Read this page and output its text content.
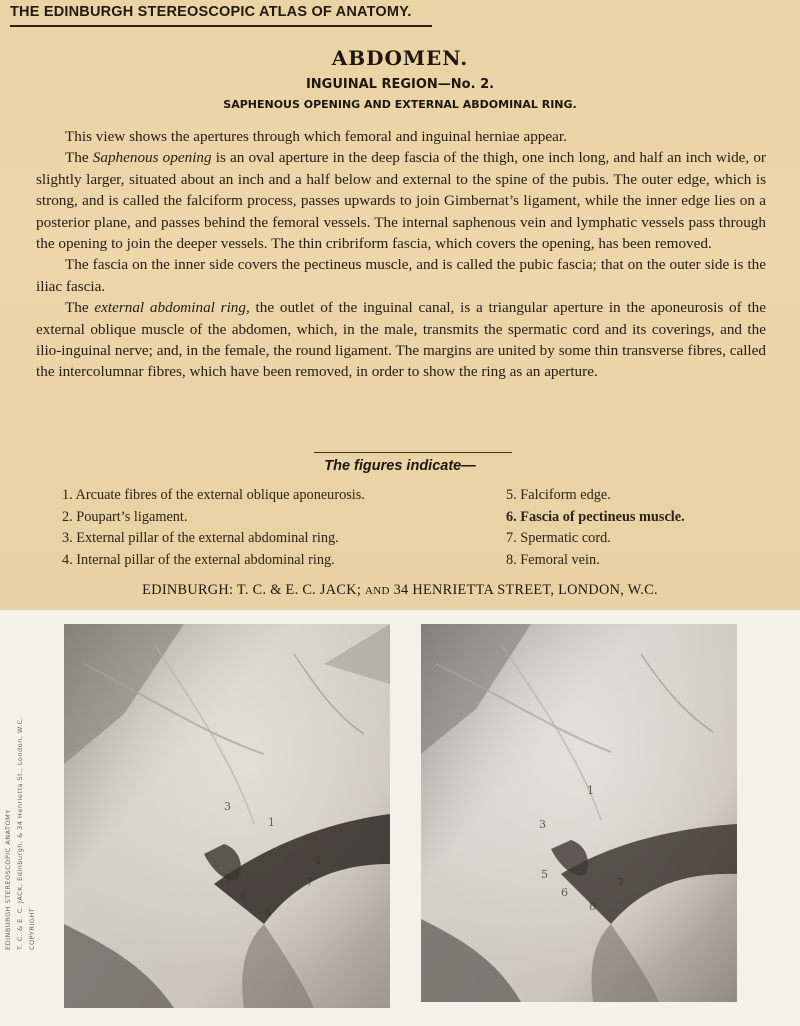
THE EDINBURGH STEREOSCOPIC ATLAS OF ANATOMY.
ABDOMEN.
INGUINAL REGION—No. 2.
SAPHENOUS OPENING AND EXTERNAL ABDOMINAL RING.

This view shows the apertures through which femoral and inguinal herniae appear.

The Saphenous opening is an oval aperture in the deep fascia of the thigh, one inch long, and half an inch wide, or slightly larger, situated about an inch and a half below and external to the spine of the pubis. The outer edge, which is strong, and is called the falciform process, passes upwards to join Gimbernat’s ligament, while the inner edge lies on a posterior plane, and passes behind the femoral vessels. The internal saphenous vein and lymphatic vessels pass through the opening to join the deeper vessels. The thin cribriform fascia, which covers the opening, has been removed.

The fascia on the inner side covers the pectineus muscle, and is called the pubic fascia; that on the outer side is the iliac fascia.

The external abdominal ring, the outlet of the inguinal canal, is a triangular aperture in the aponeurosis of the external oblique muscle of the abdomen, which, in the male, transmits the spermatic cord and its coverings, and the ilio-inguinal nerve; and, in the female, the round ligament. The margins are united by some thin transverse fibres, called the intercolumnar fibres, which have been removed, in order to show the ring as an aperture.

The figures indicate—
1. Arcuate fibres of the external oblique aponeurosis.
2. Poupart’s ligament.
3. External pillar of the external abdominal ring.
4. Internal pillar of the external abdominal ring.
5. Falciform edge.
6. Fascia of pectineus muscle.
7. Spermatic cord.
8. Femoral vein.
EDINBURGH: T. C. & E. C. JACK; AND 34 HENRIETTA STREET, LONDON, W.C.
EDINBURGH STEREOSCOPIC ANATOMY T. C. & E. C. JACK, Edinburgh, & 34 Henrietta St., London, W.C. COPYRIGHT
1
3
4
5
6
7
8
1
3
5
6
7
8
